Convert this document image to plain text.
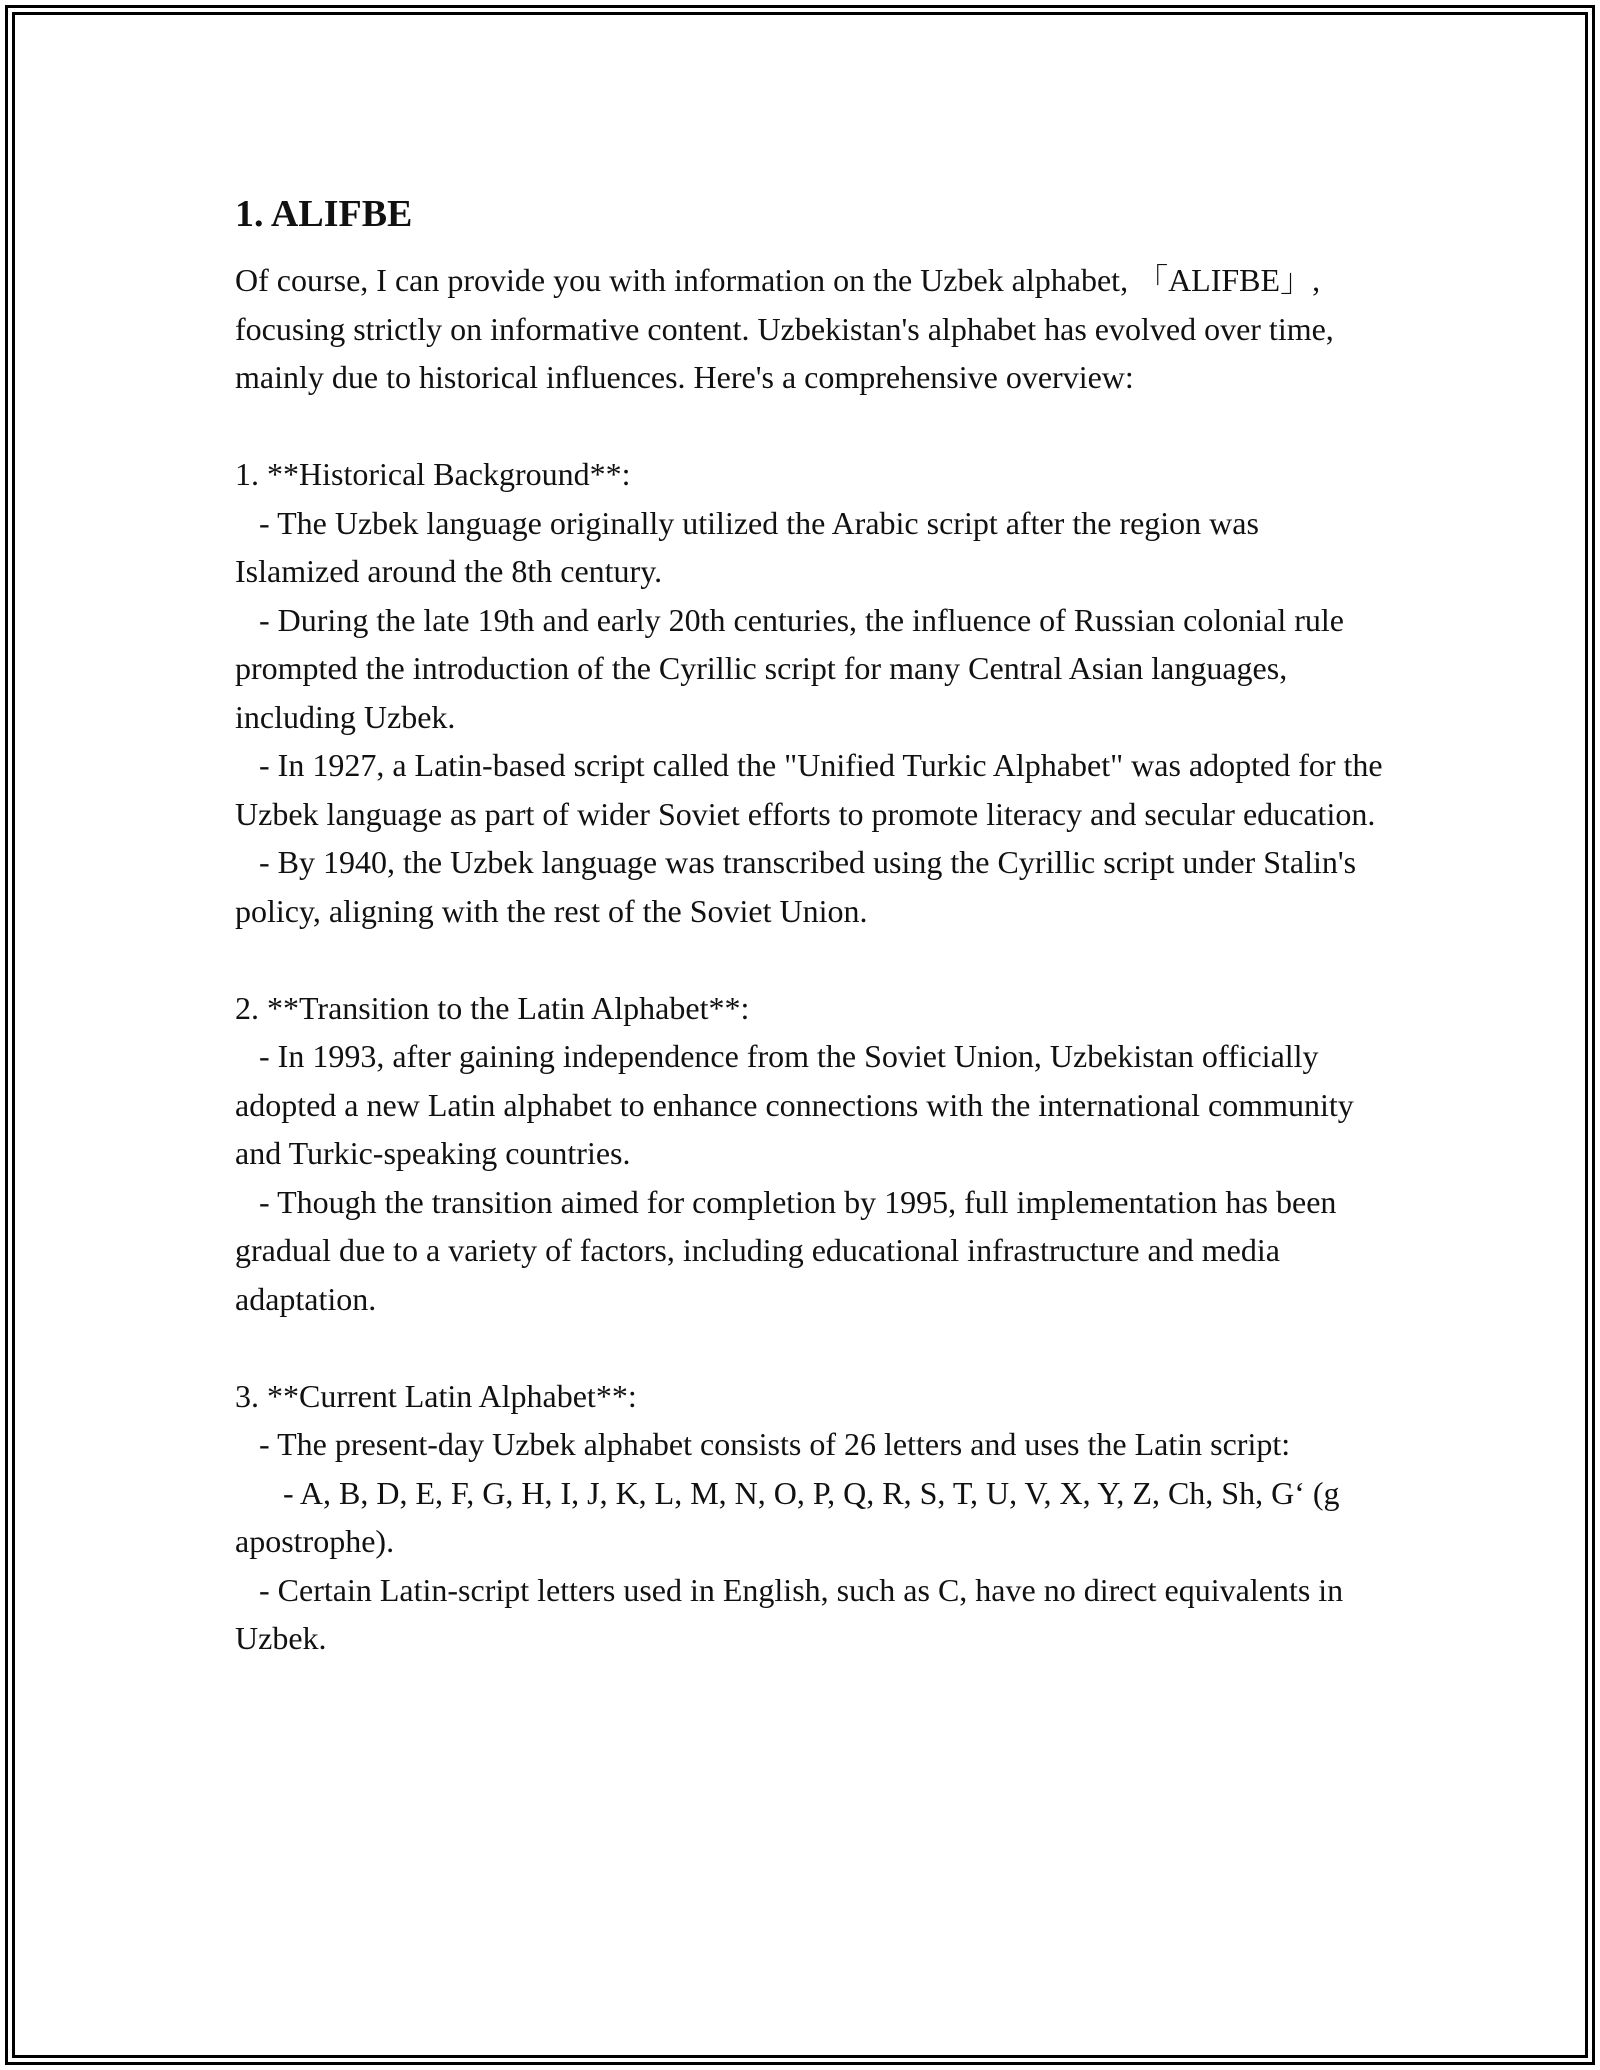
1. ALIFBE

Of course, I can provide you with information on the Uzbek alphabet, 「ALIFBE」, focusing strictly on informative content. Uzbekistan's alphabet has evolved over time, mainly due to historical influences. Here's a comprehensive overview:

1. **Historical Background**:

- The Uzbek language originally utilized the Arabic script after the region was Islamized around the 8th century.

- During the late 19th and early 20th centuries, the influence of Russian colonial rule prompted the introduction of the Cyrillic script for many Central Asian languages, including Uzbek.

- In 1927, a Latin-based script called the "Unified Turkic Alphabet" was adopted for the Uzbek language as part of wider Soviet efforts to promote literacy and secular education.

- By 1940, the Uzbek language was transcribed using the Cyrillic script under Stalin's policy, aligning with the rest of the Soviet Union.

2. **Transition to the Latin Alphabet**:

- In 1993, after gaining independence from the Soviet Union, Uzbekistan officially adopted a new Latin alphabet to enhance connections with the international community and Turkic-speaking countries.

- Though the transition aimed for completion by 1995, full implementation has been gradual due to a variety of factors, including educational infrastructure and media adaptation.

3. **Current Latin Alphabet**:

- The present-day Uzbek alphabet consists of 26 letters and uses the Latin script:

- A, B, D, E, F, G, H, I, J, K, L, M, N, O, P, Q, R, S, T, U, V, X, Y, Z, Ch, Sh, Gʻ (g apostrophe).

- Certain Latin-script letters used in English, such as C, have no direct equivalents in Uzbek.
